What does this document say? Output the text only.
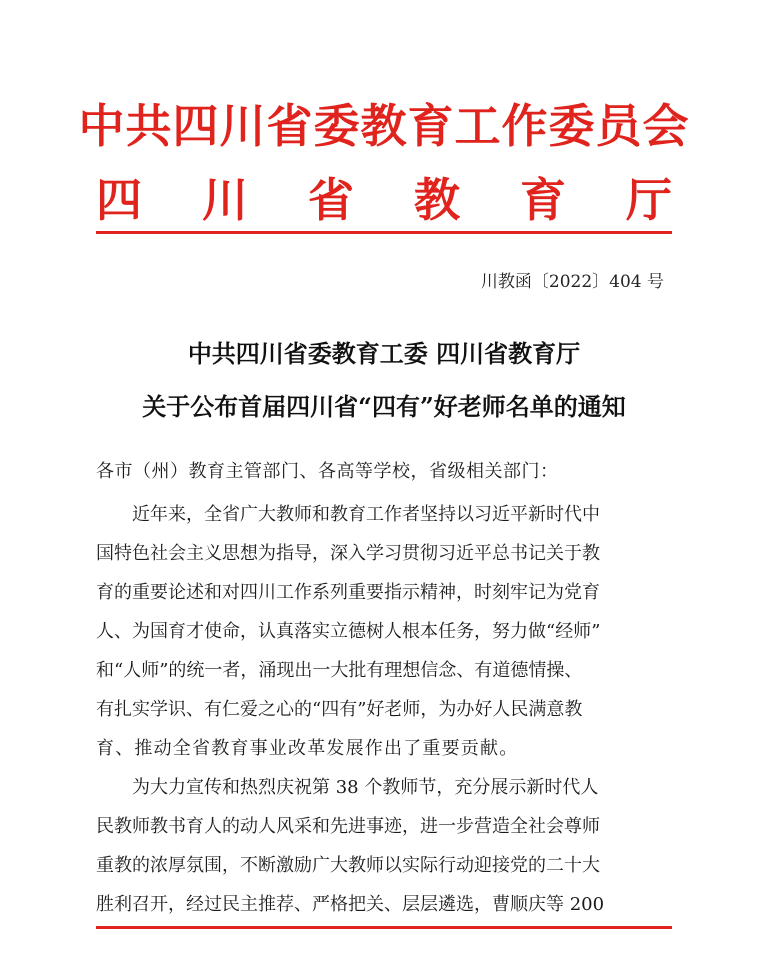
中共四川省委教育工作委员会
四 川 省 教 育 厅
川教函〔2022〕404 号
中共四川省委教育工委 四川省教育厅
关于公布首届四川省“四有”好老师名单的通知
各市（州）教育主管部门、各高等学校，省级相关部门：
近年来，全省广大教师和教育工作者坚持以习近平新时代中
国特色社会主义思想为指导，深入学习贯彻习近平总书记关于教
育的重要论述和对四川工作系列重要指示精神，时刻牢记为党育
人、为国育才使命，认真落实立德树人根本任务，努力做“经师”
和“人师”的统一者，涌现出一大批有理想信念、有道德情操、
有扎实学识、有仁爱之心的“四有”好老师，为办好人民满意教
育、推动全省教育事业改革发展作出了重要贡献。
为大力宣传和热烈庆祝第 38 个教师节，充分展示新时代人
民教师教书育人的动人风采和先进事迹，进一步营造全社会尊师
重教的浓厚氛围，不断激励广大教师以实际行动迎接党的二十大
胜利召开，经过民主推荐、严格把关、层层遴选，曹顺庆等 200
